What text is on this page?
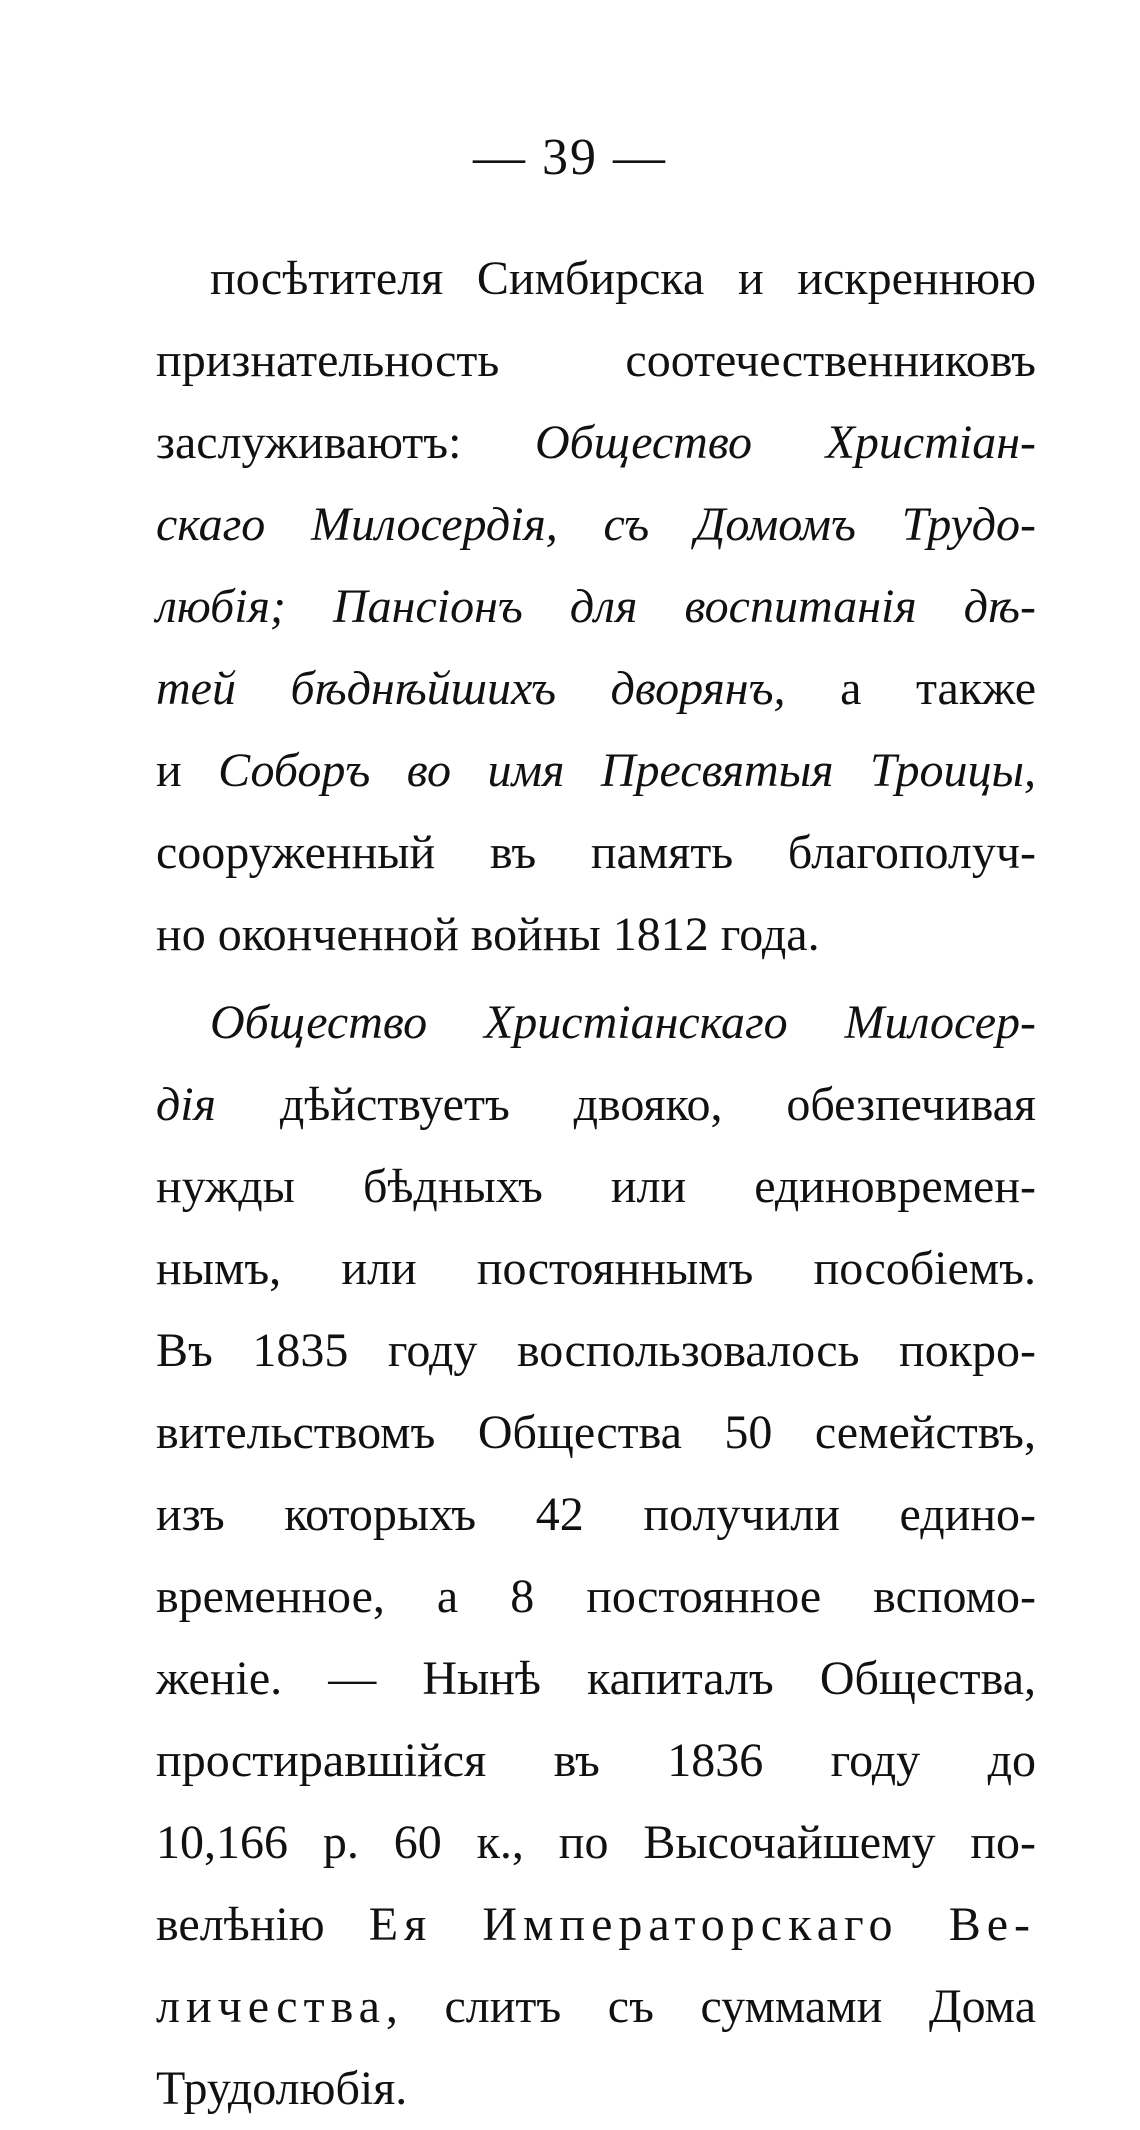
— 39 —
посѣтителя Симбирска и искреннюю
признательность соотечественниковъ
заслуживаютъ: Общество Христіан-
скаго Милосердія, съ Домомъ Трудо-
любія; Пансіонъ для воспитанія дѣ-
тей бѣднѣйшихъ дворянъ, а также
и Соборъ во имя Пресвятыя Троицы,
сооруженный въ память благополуч-
но оконченной войны 1812 года.
Общество Христіанскаго Милосер-
дія дѣйствуетъ двояко, обезпечивая
нужды бѣдныхъ или единовремен-
нымъ, или постояннымъ пособіемъ.
Въ 1835 году воспользовалось покро-
вительствомъ Общества 50 семействъ,
изъ которыхъ 42 получили едино-
временное, а 8 постоянное вспомо-
женіе. — Нынѣ капиталъ Общества,
простиравшійся въ 1836 году до
10,166 р. 60 к., по Высочайшему по-
велѣнію Ея Императорскаго Ве-
личества, слитъ съ суммами Дома
Трудолюбія.
